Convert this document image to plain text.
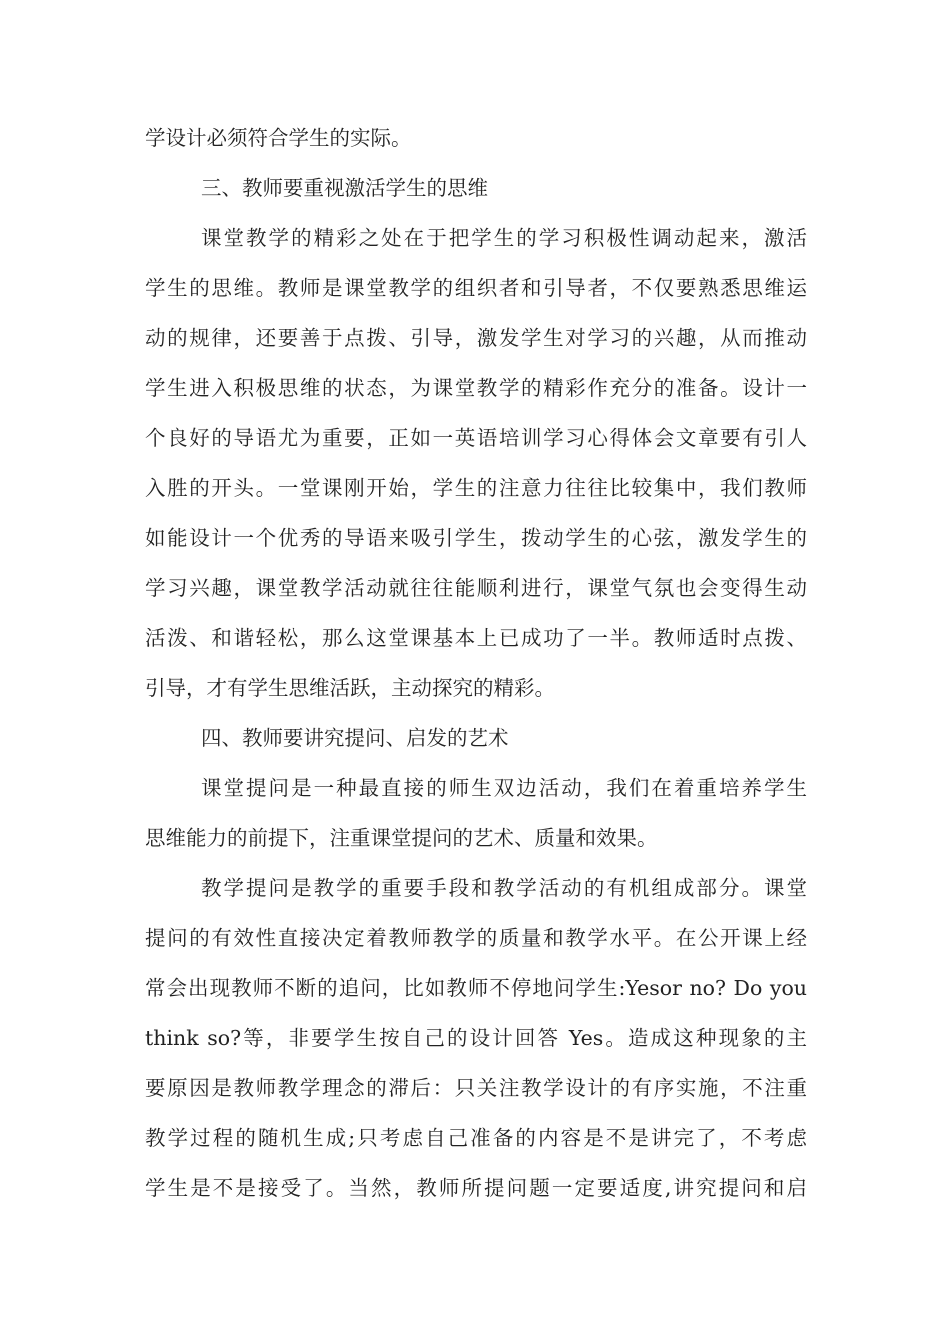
学设计必须符合学生的实际。
三、教师要重视激活学生的思维
课堂教学的精彩之处在于把学生的学习积极性调动起来，激活
学生的思维。教师是课堂教学的组织者和引导者，不仅要熟悉思维运
动的规律，还要善于点拨、引导，激发学生对学习的兴趣，从而推动
学生进入积极思维的状态，为课堂教学的精彩作充分的准备。设计一
个良好的导语尤为重要，正如一英语培训学习心得体会文章要有引人
入胜的开头。一堂课刚开始，学生的注意力往往比较集中，我们教师
如能设计一个优秀的导语来吸引学生，拨动学生的心弦，激发学生的
学习兴趣，课堂教学活动就往往能顺利进行，课堂气氛也会变得生动
活泼、和谐轻松，那么这堂课基本上已成功了一半。教师适时点拨、
引导，才有学生思维活跃，主动探究的精彩。
四、教师要讲究提问、启发的艺术
课堂提问是一种最直接的师生双边活动，我们在着重培养学生
思维能力的前提下，注重课堂提问的艺术、质量和效果。
教学提问是教学的重要手段和教学活动的有机组成部分。课堂
提问的有效性直接决定着教师教学的质量和教学水平。在公开课上经
常会出现教师不断的追问，比如教师不停地问学生:Yesor no? Do you
think so?等，非要学生按自己的设计回答 Yes。造成这种现象的主
要原因是教师教学理念的滞后：只关注教学设计的有序实施，不注重
教学过程的随机生成;只考虑自己准备的内容是不是讲完了，不考虑
学生是不是接受了。当然，教师所提问题一定要适度,讲究提问和启
